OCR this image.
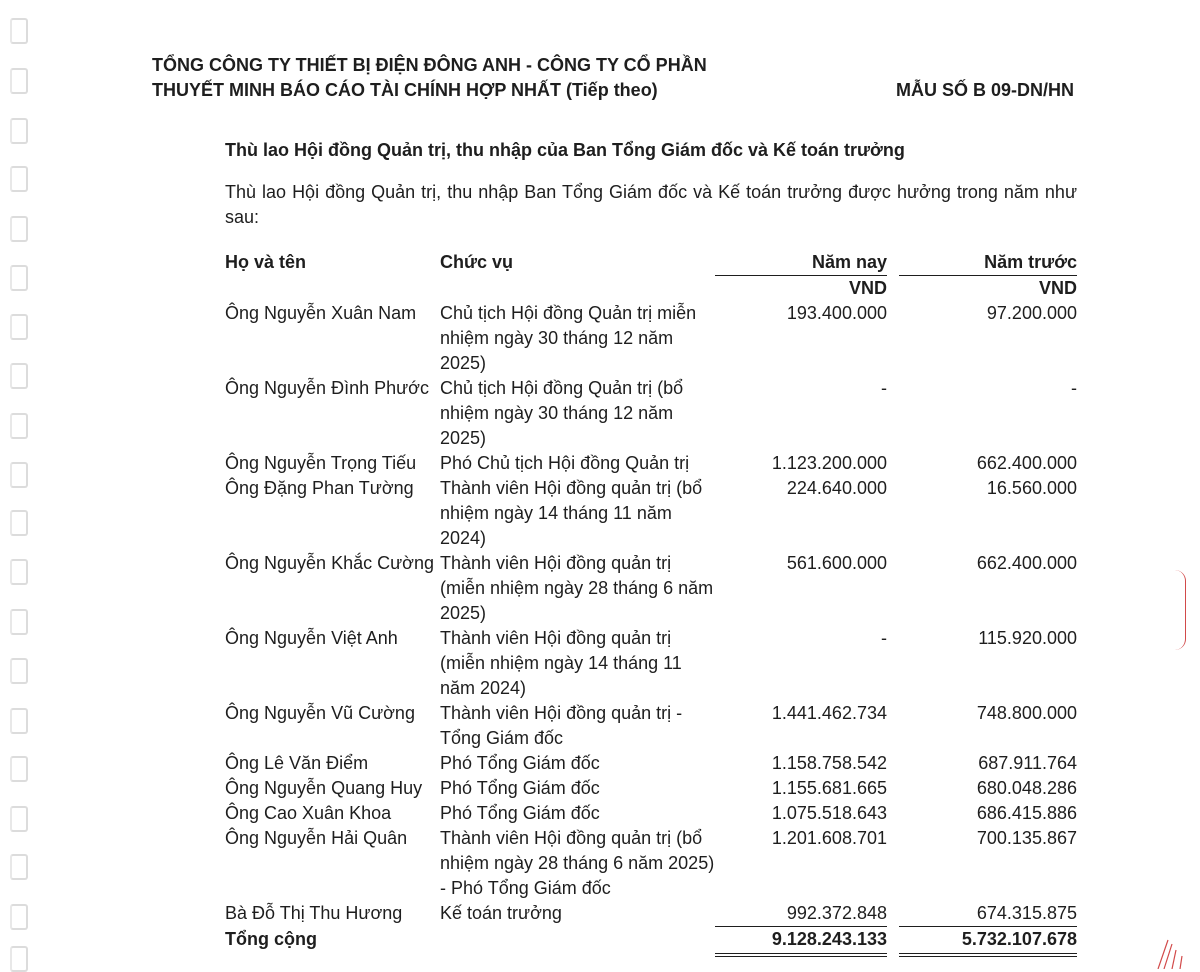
TỔNG CÔNG TY THIẾT BỊ ĐIỆN ĐÔNG ANH - CÔNG TY CỔ PHẦN
THUYẾT MINH BÁO CÁO TÀI CHÍNH HỢP NHẤT (Tiếp theo)	MẪU SỐ B 09-DN/HN
Thù lao Hội đồng Quản trị, thu nhập của Ban Tổng Giám đốc và Kế toán trưởng
Thù lao Hội đồng Quản trị, thu nhập Ban Tổng Giám đốc và Kế toán trưởng được hưởng trong năm như sau:
Họ và tên	Chức vụ	Năm nay		Năm trước
		VND		VND
Ông Nguyễn Xuân Nam	Chủ tịch Hội đồng Quản trị miễn nhiệm ngày 30 tháng 12 năm 2025)	193.400.000		97.200.000
Ông Nguyễn Đình Phước	Chủ tịch Hội đồng Quản trị (bổ nhiệm ngày 30 tháng 12 năm 2025)	-		-
Ông Nguyễn Trọng Tiếu	Phó Chủ tịch Hội đồng Quản trị	1.123.200.000		662.400.000
Ông Đặng Phan Tường	Thành viên Hội đồng quản trị (bổ nhiệm ngày 14 tháng 11 năm 2024)	224.640.000		16.560.000
Ông Nguyễn Khắc Cường	Thành viên Hội đồng quản trị (miễn nhiệm ngày 28 tháng 6 năm 2025)	561.600.000		662.400.000
Ông Nguyễn Việt Anh	Thành viên Hội đồng quản trị (miễn nhiệm ngày 14 tháng 11 năm 2024)	-		115.920.000
Ông Nguyễn Vũ Cường	Thành viên Hội đồng quản trị - Tổng Giám đốc	1.441.462.734		748.800.000
Ông Lê Văn Điểm	Phó Tổng Giám đốc	1.158.758.542		687.911.764
Ông Nguyễn Quang Huy	Phó Tổng Giám đốc	1.155.681.665		680.048.286
Ông Cao Xuân Khoa	Phó Tổng Giám đốc	1.075.518.643		686.415.886
Ông Nguyễn Hải Quân	Thành viên Hội đồng quản trị (bổ nhiệm ngày 28 tháng 6 năm 2025) - Phó Tổng Giám đốc	1.201.608.701		700.135.867
Bà Đỗ Thị Thu Hương	Kế toán trưởng	992.372.848		674.315.875
Tổng cộng		9.128.243.133		5.732.107.678
